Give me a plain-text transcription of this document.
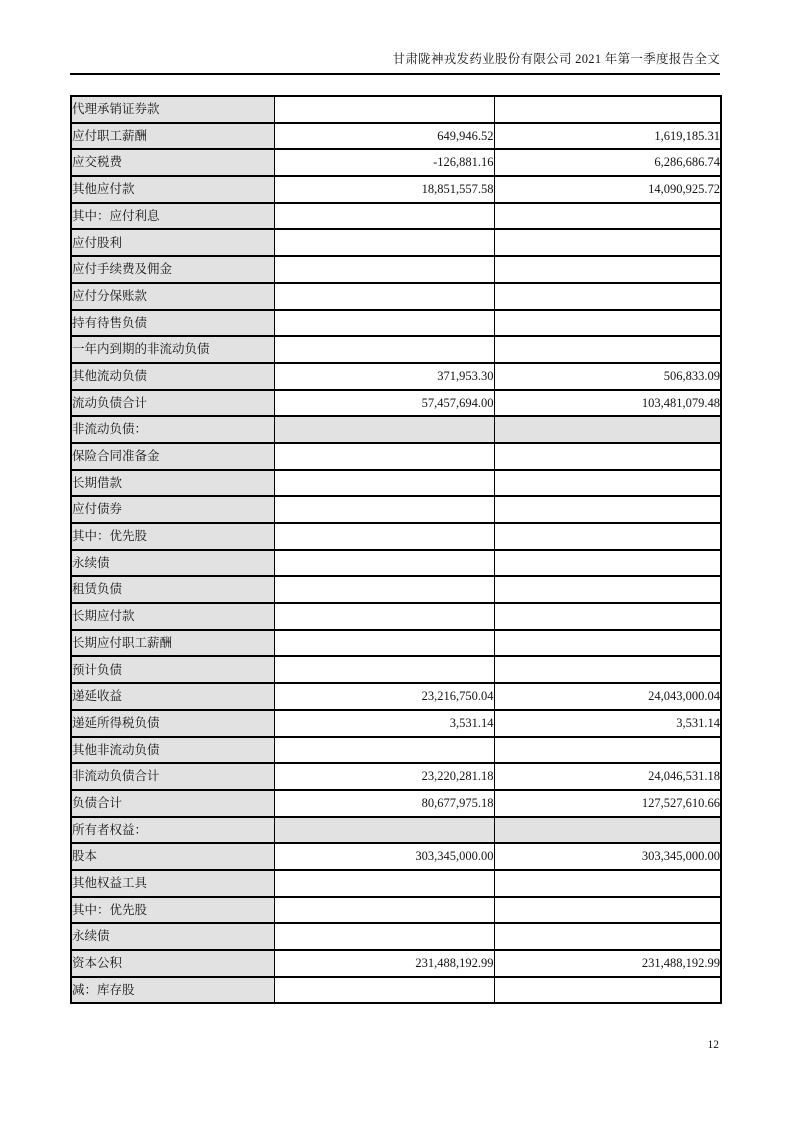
甘肃陇神戎发药业股份有限公司 2021 年第一季度报告全文
代理承销证券款		
应付职工薪酬	649,946.52	1,619,185.31
应交税费	-126,881.16	6,286,686.74
其他应付款	18,851,557.58	14,090,925.72
其中：应付利息		
应付股利		
应付手续费及佣金		
应付分保账款		
持有待售负债		
一年内到期的非流动负债		
其他流动负债	371,953.30	506,833.09
流动负债合计	57,457,694.00	103,481,079.48
非流动负债：		
保险合同准备金		
长期借款		
应付债券		
其中：优先股		
永续债		
租赁负债		
长期应付款		
长期应付职工薪酬		
预计负债		
递延收益	23,216,750.04	24,043,000.04
递延所得税负债	3,531.14	3,531.14
其他非流动负债		
非流动负债合计	23,220,281.18	24,046,531.18
负债合计	80,677,975.18	127,527,610.66
所有者权益：		
股本	303,345,000.00	303,345,000.00
其他权益工具		
其中：优先股		
永续债		
资本公积	231,488,192.99	231,488,192.99
减：库存股		
12
